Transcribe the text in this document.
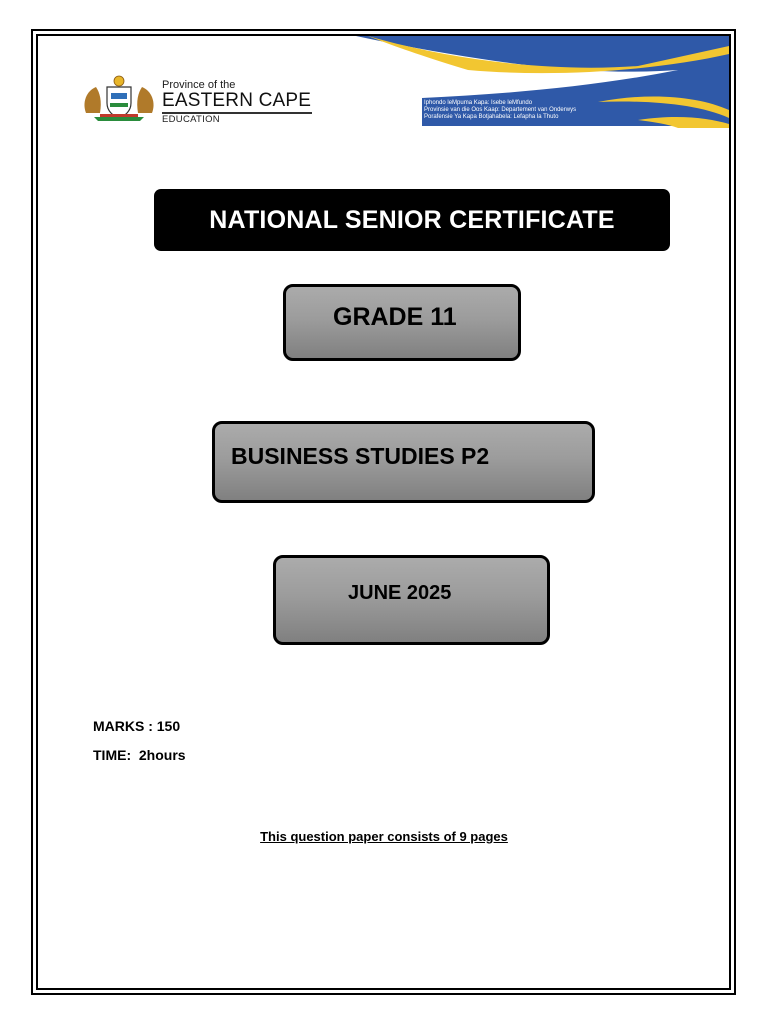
Province of the
EASTERN CAPE
EDUCATION
Iphondo leMpuma Kapa: Isebe leMfundo
Provinsie van die Oos Kaap: Departement van Onderwys
Porafensie Ya Kapa Botjahabela: Lefapha la Thuto
NATIONAL SENIOR CERTIFICATE
GRADE 11
BUSINESS STUDIES P2
JUNE 2025
MARKS : 150
TIME:  2hours
This question paper consists of 9 pages
